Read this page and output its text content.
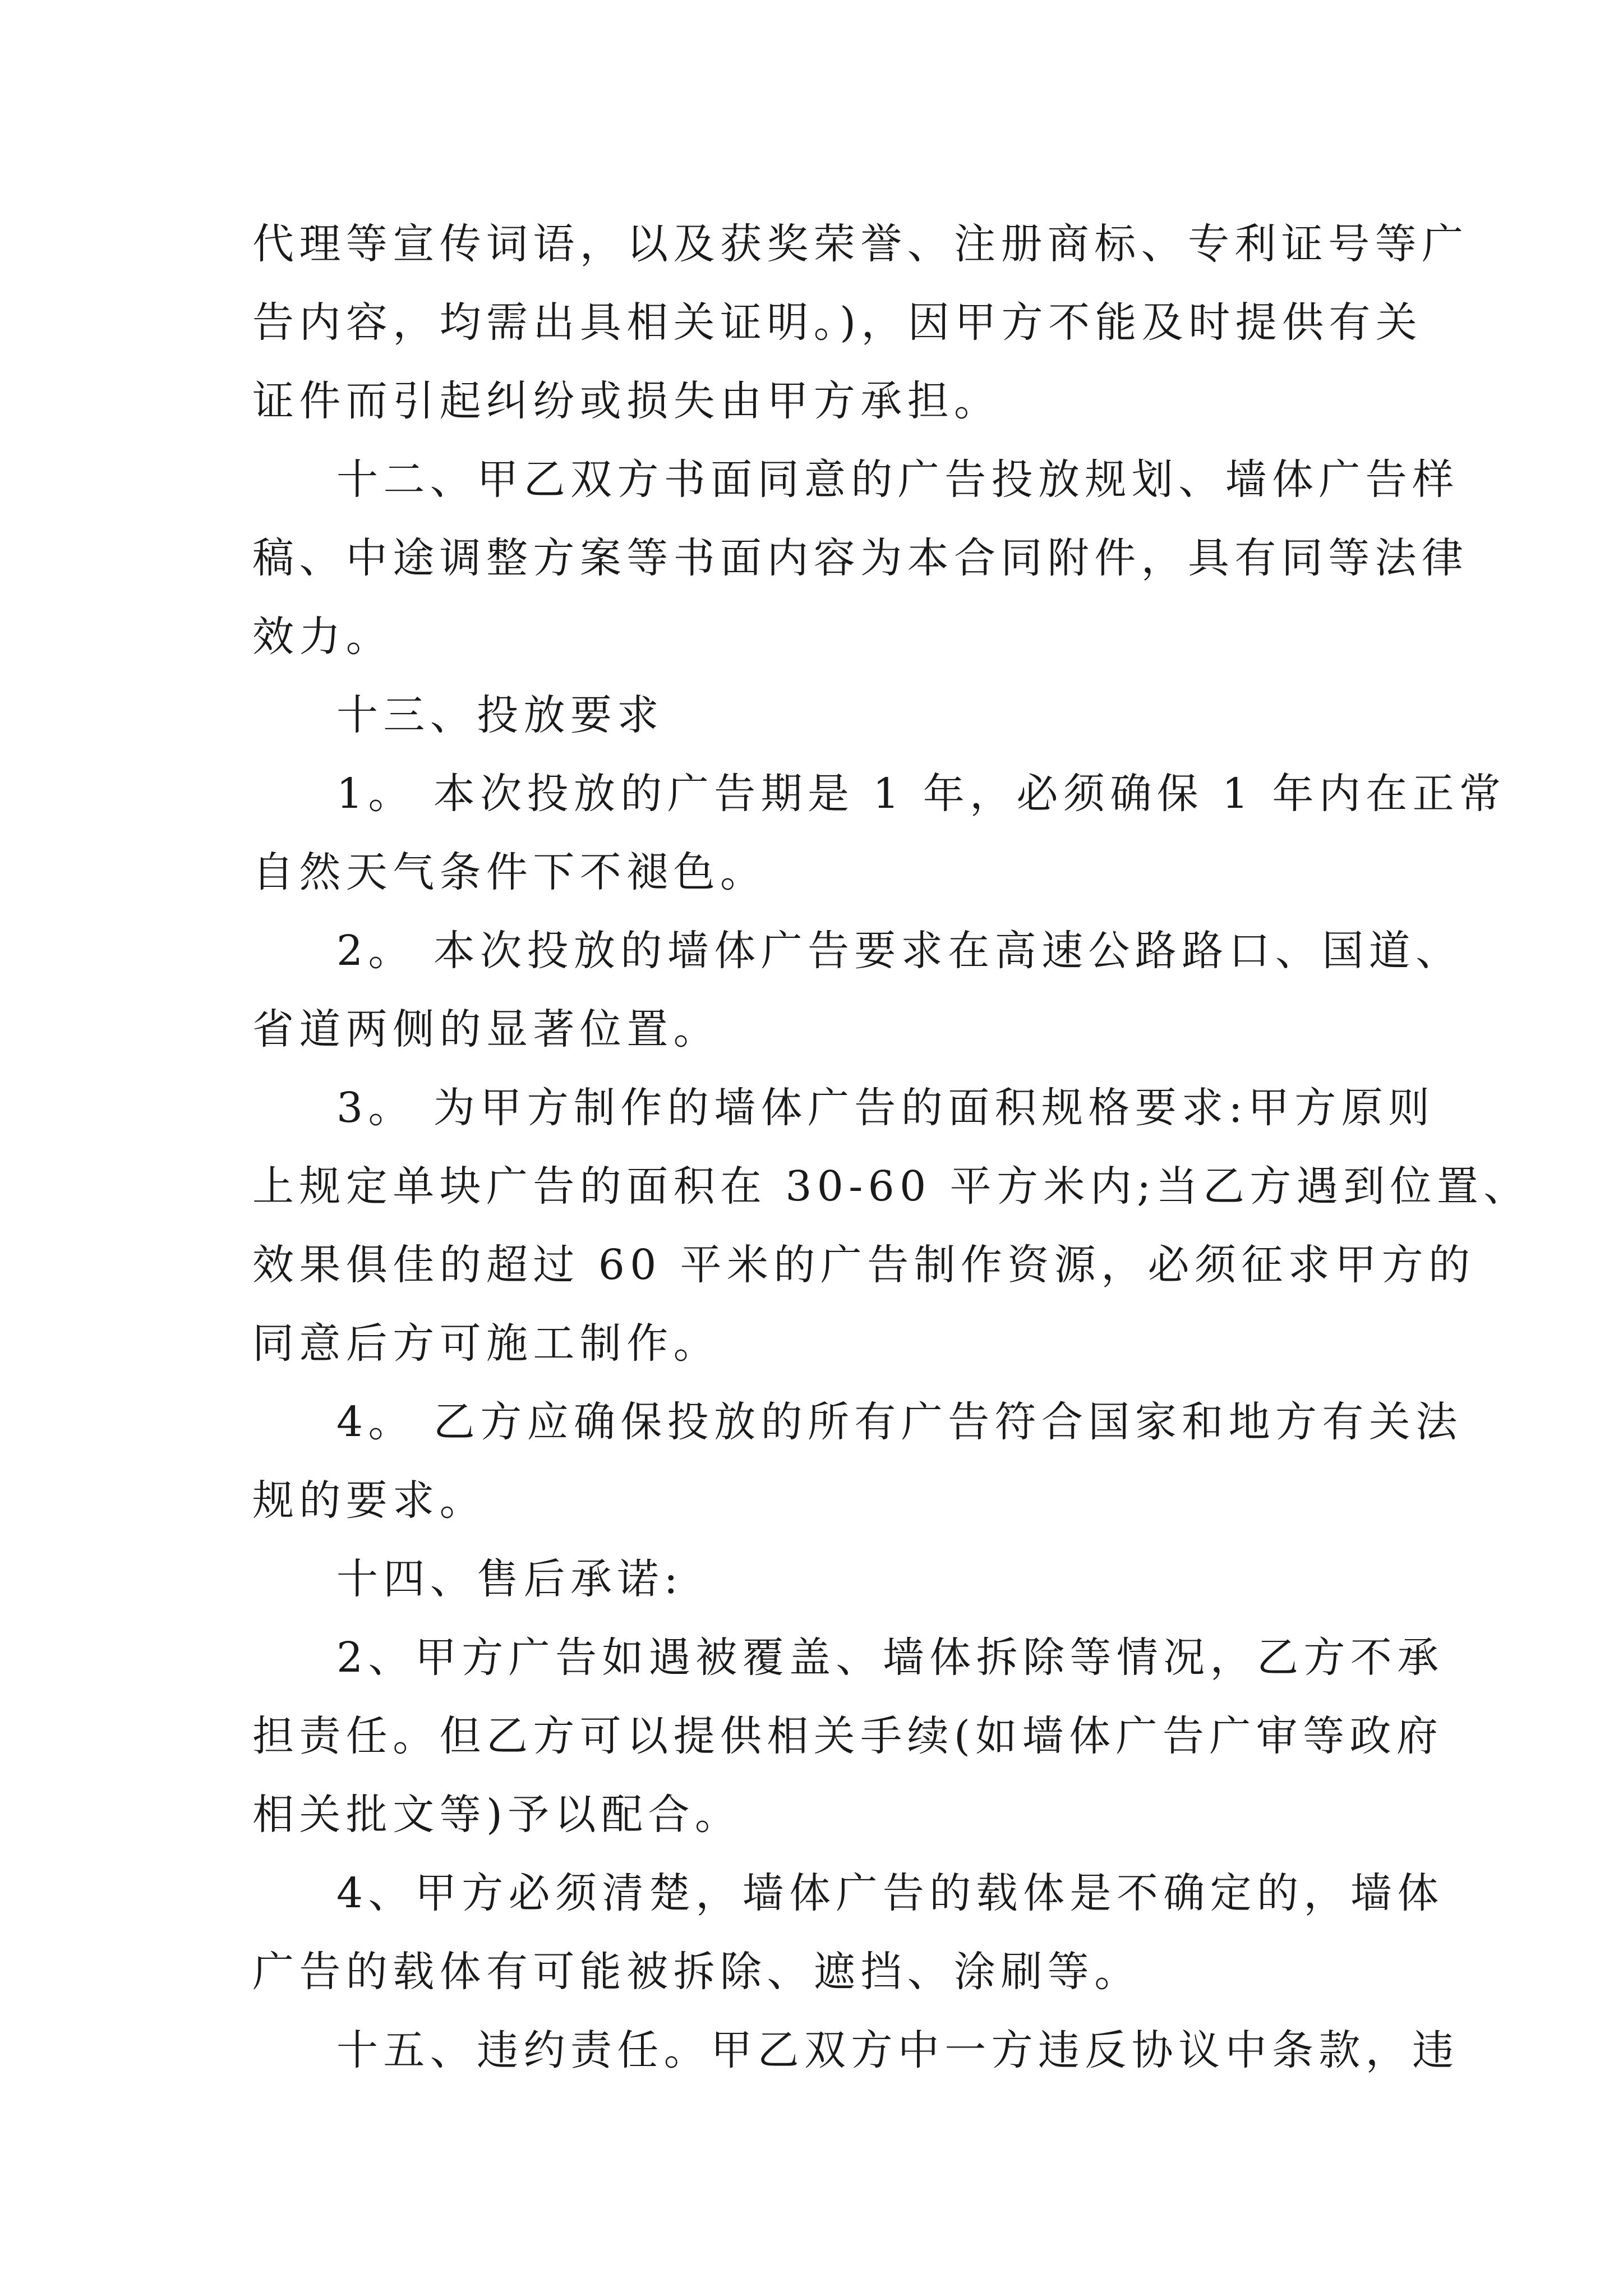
代理等宣传词语，以及获奖荣誉、注册商标、专利证号等广
告内容，均需出具相关证明。)，因甲方不能及时提供有关
证件而引起纠纷或损失由甲方承担。
十二、甲乙双方书面同意的广告投放规划、墙体广告样
稿、中途调整方案等书面内容为本合同附件，具有同等法律
效力。
十三、投放要求
1。 本次投放的广告期是 1 年，必须确保 1 年内在正常
自然天气条件下不褪色。
2。 本次投放的墙体广告要求在高速公路路口、国道、
省道两侧的显著位置。
3。 为甲方制作的墙体广告的面积规格要求:甲方原则
上规定单块广告的面积在 30-60 平方米内;当乙方遇到位置、
效果俱佳的超过 60 平米的广告制作资源，必须征求甲方的
同意后方可施工制作。
4。 乙方应确保投放的所有广告符合国家和地方有关法
规的要求。
十四、售后承诺:
2、甲方广告如遇被覆盖、墙体拆除等情况，乙方不承
担责任。但乙方可以提供相关手续(如墙体广告广审等政府
相关批文等)予以配合。
4、甲方必须清楚，墙体广告的载体是不确定的，墙体
广告的载体有可能被拆除、遮挡、涂刷等。
十五、违约责任。甲乙双方中一方违反协议中条款，违
